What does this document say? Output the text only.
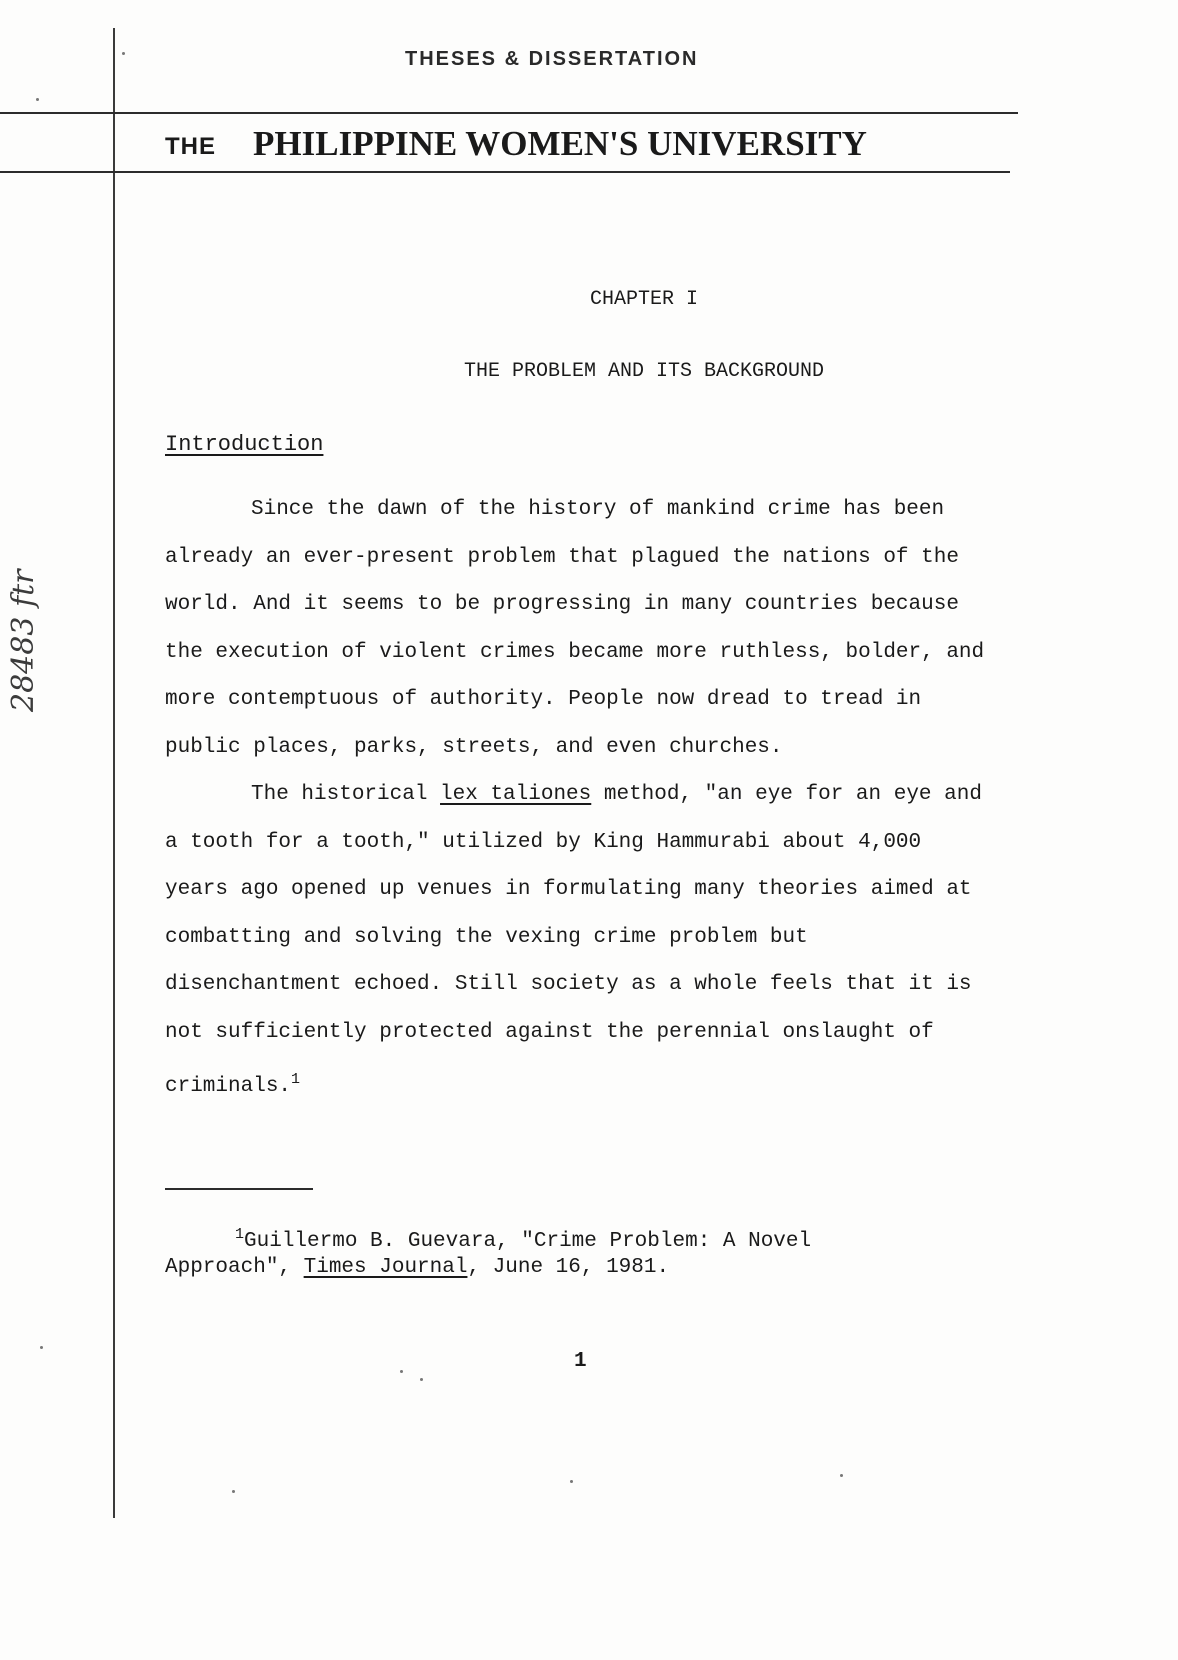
THESES & DISSERTATION
THE PHILIPPINE WOMEN'S UNIVERSITY
CHAPTER I
THE PROBLEM AND ITS BACKGROUND
Introduction

Since the dawn of the history of mankind crime has been already an ever-present problem that plagued the nations of the world. And it seems to be progressing in many countries because the execution of violent crimes became more ruthless, bolder, and more contemptuous of authority. People now dread to tread in public places, parks, streets, and even churches.

The historical lex taliones method, "an eye for an eye and a tooth for a tooth," utilized by King Hammurabi about 4,000 years ago opened up venues in formulating many theories aimed at combatting and solving the vexing crime problem but disenchantment echoed. Still society as a whole feels that it is not sufficiently protected against the perennial onslaught of criminals.$^1$

$^1$Guillermo B. Guevara, "Crime Problem: A Novel Approach", Times Journal, June 16, 1981.
1
28483 ftr
